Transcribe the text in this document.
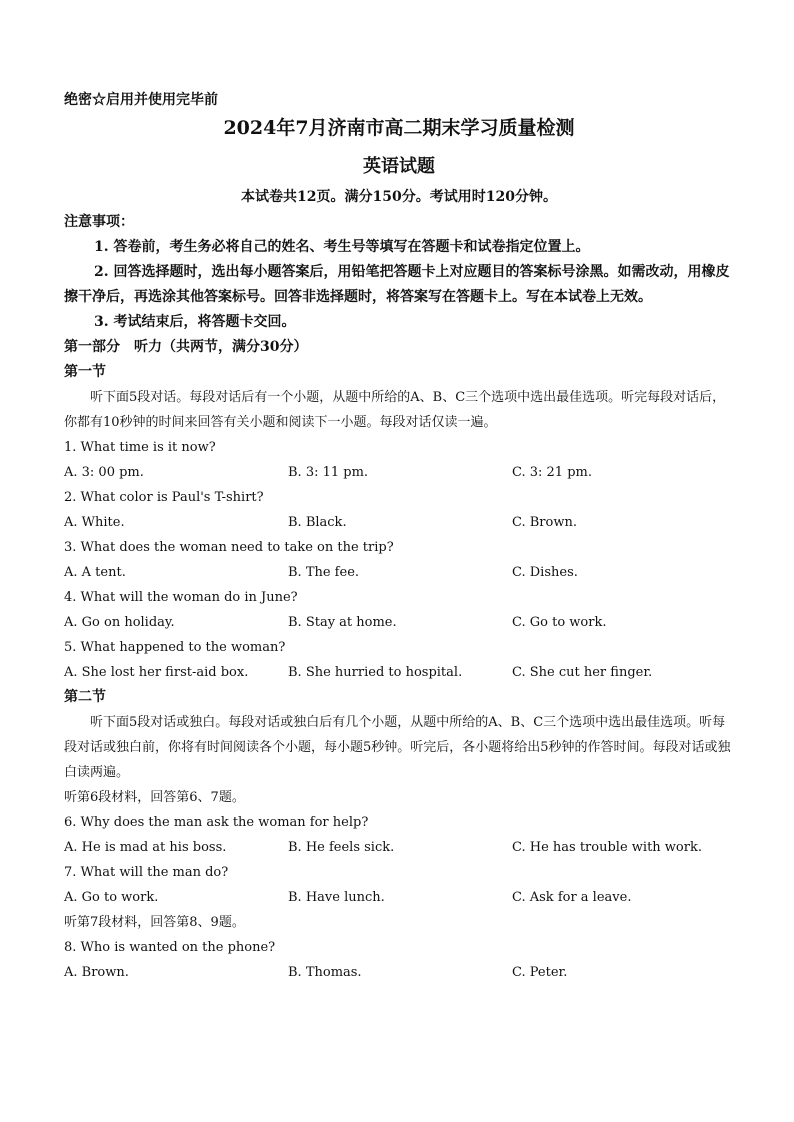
绝密☆启用并使用完毕前
2024年7月济南市高二期末学习质量检测
英语试题
本试卷共12页。满分150分。考试用时120分钟。
注意事项：
1. 答卷前，考生务必将自己的姓名、考生号等填写在答题卡和试卷指定位置上。
2. 回答选择题时，选出每小题答案后，用铅笔把答题卡上对应题目的答案标号涂黑。如需改动，用橡皮擦干净后，再选涂其他答案标号。回答非选择题时，将答案写在答题卡上。写在本试卷上无效。
3. 考试结束后，将答题卡交回。
第一部分　听力（共两节，满分30分）
第一节
听下面5段对话。每段对话后有一个小题，从题中所给的A、B、C三个选项中选出最佳选项。听完每段对话后，你都有10秒钟的时间来回答有关小题和阅读下一小题。每段对话仅读一遍。
1. What time is it now?
A. 3: 00 pm.	B. 3: 11 pm.	C. 3: 21 pm.
2. What color is Paul's T-shirt?
A. White.	B. Black.	C. Brown.
3. What does the woman need to take on the trip?
A. A tent.	B. The fee.	C. Dishes.
4. What will the woman do in June?
A. Go on holiday.	B. Stay at home.	C. Go to work.
5. What happened to the woman?
A. She lost her first-aid box.	B. She hurried to hospital.	C. She cut her finger.
第二节
听下面5段对话或独白。每段对话或独白后有几个小题，从题中所给的A、B、C三个选项中选出最佳选项。听每段对话或独白前，你将有时间阅读各个小题，每小题5秒钟。听完后，各小题将给出5秒钟的作答时间。每段对话或独白读两遍。
听第6段材料，回答第6、7题。
6. Why does the man ask the woman for help?
A. He is mad at his boss.	B. He feels sick.	C. He has trouble with work.
7. What will the man do?
A. Go to work.	B. Have lunch.	C. Ask for a leave.
听第7段材料，回答第8、9题。
8. Who is wanted on the phone?
A. Brown.	B. Thomas.	C. Peter.
